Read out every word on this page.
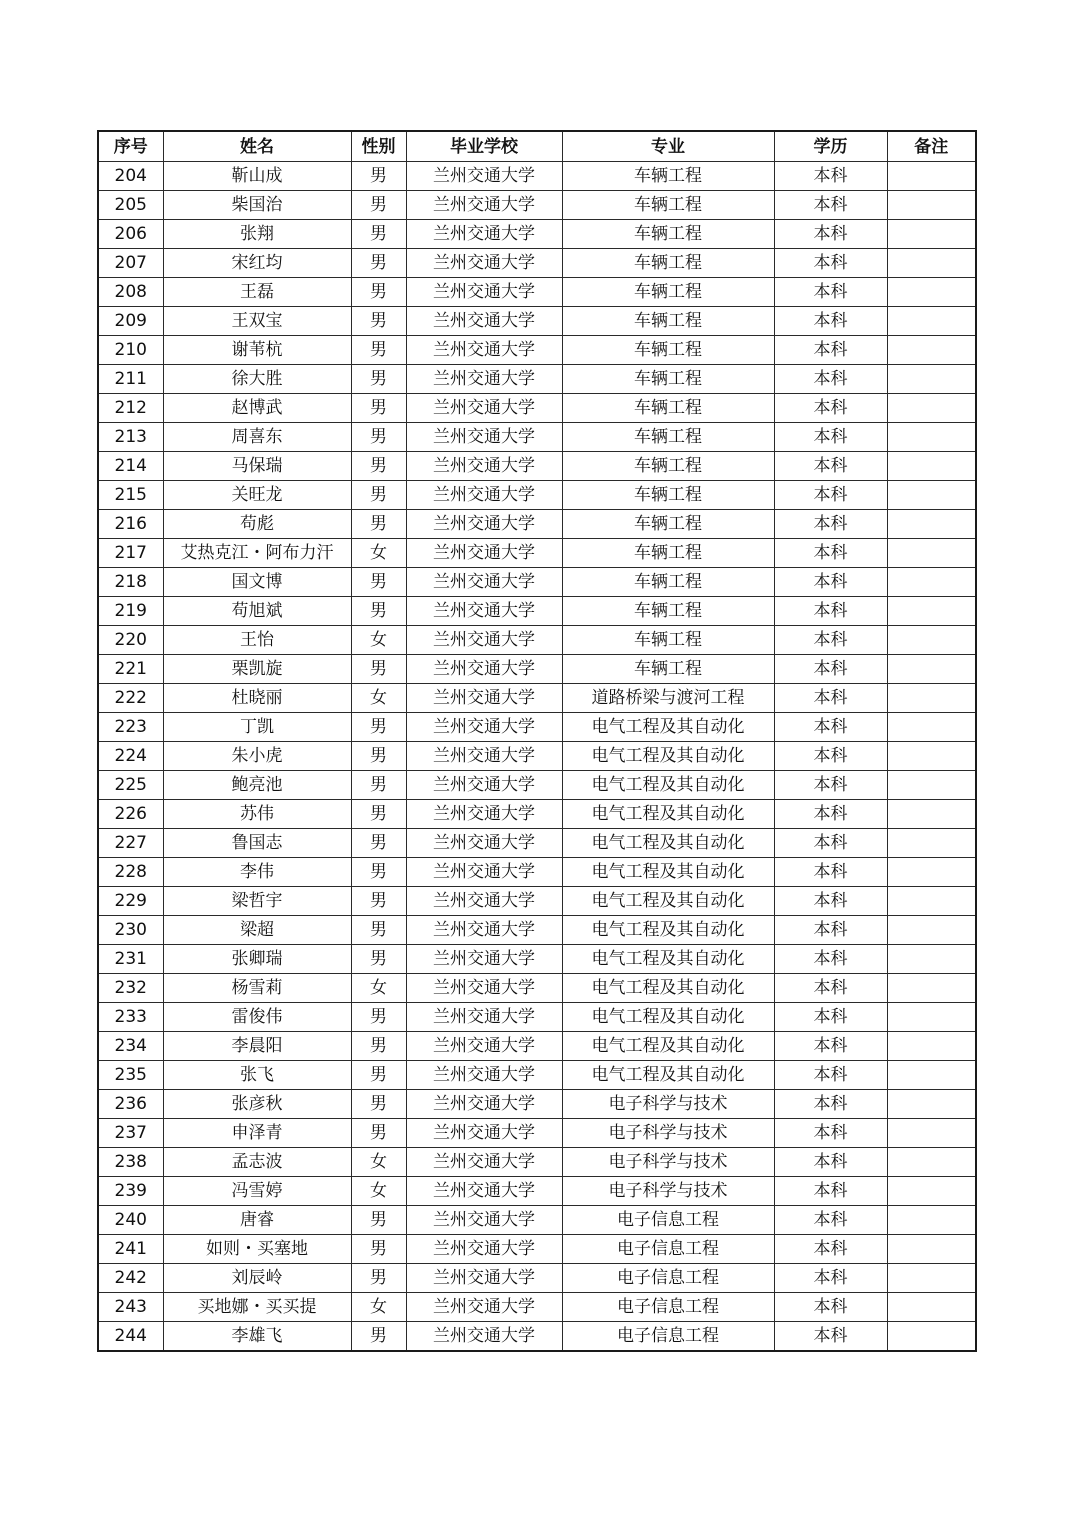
序号	姓名	性别	毕业学校	专业	学历	备注
204	靳山成	男	兰州交通大学	车辆工程	本科	
205	柴国治	男	兰州交通大学	车辆工程	本科	
206	张翔	男	兰州交通大学	车辆工程	本科	
207	宋红均	男	兰州交通大学	车辆工程	本科	
208	王磊	男	兰州交通大学	车辆工程	本科	
209	王双宝	男	兰州交通大学	车辆工程	本科	
210	谢苇杭	男	兰州交通大学	车辆工程	本科	
211	徐大胜	男	兰州交通大学	车辆工程	本科	
212	赵博武	男	兰州交通大学	车辆工程	本科	
213	周喜东	男	兰州交通大学	车辆工程	本科	
214	马保瑞	男	兰州交通大学	车辆工程	本科	
215	关旺龙	男	兰州交通大学	车辆工程	本科	
216	苟彪	男	兰州交通大学	车辆工程	本科	
217	艾热克江・阿布力汗	女	兰州交通大学	车辆工程	本科	
218	国文博	男	兰州交通大学	车辆工程	本科	
219	苟旭斌	男	兰州交通大学	车辆工程	本科	
220	王怡	女	兰州交通大学	车辆工程	本科	
221	栗凯旋	男	兰州交通大学	车辆工程	本科	
222	杜晓丽	女	兰州交通大学	道路桥梁与渡河工程	本科	
223	丁凯	男	兰州交通大学	电气工程及其自动化	本科	
224	朱小虎	男	兰州交通大学	电气工程及其自动化	本科	
225	鲍亮池	男	兰州交通大学	电气工程及其自动化	本科	
226	苏伟	男	兰州交通大学	电气工程及其自动化	本科	
227	鲁国志	男	兰州交通大学	电气工程及其自动化	本科	
228	李伟	男	兰州交通大学	电气工程及其自动化	本科	
229	梁哲宇	男	兰州交通大学	电气工程及其自动化	本科	
230	梁超	男	兰州交通大学	电气工程及其自动化	本科	
231	张卿瑞	男	兰州交通大学	电气工程及其自动化	本科	
232	杨雪莉	女	兰州交通大学	电气工程及其自动化	本科	
233	雷俊伟	男	兰州交通大学	电气工程及其自动化	本科	
234	李晨阳	男	兰州交通大学	电气工程及其自动化	本科	
235	张飞	男	兰州交通大学	电气工程及其自动化	本科	
236	张彦秋	男	兰州交通大学	电子科学与技术	本科	
237	申泽青	男	兰州交通大学	电子科学与技术	本科	
238	孟志波	女	兰州交通大学	电子科学与技术	本科	
239	冯雪婷	女	兰州交通大学	电子科学与技术	本科	
240	唐睿	男	兰州交通大学	电子信息工程	本科	
241	如则・买塞地	男	兰州交通大学	电子信息工程	本科	
242	刘辰岭	男	兰州交通大学	电子信息工程	本科	
243	买地娜・买买提	女	兰州交通大学	电子信息工程	本科	
244	李雄飞	男	兰州交通大学	电子信息工程	本科	
